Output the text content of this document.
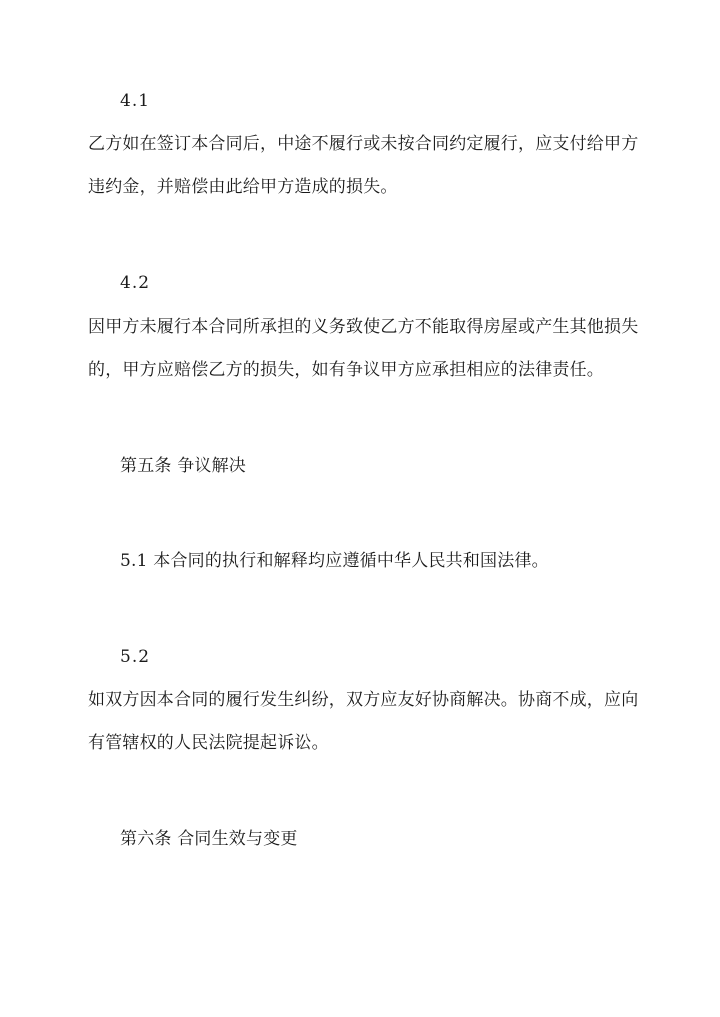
4.1
乙方如在签订本合同后，中途不履行或未按合同约定履行，应支付给甲方
违约金，并赔偿由此给甲方造成的损失。
4.2
因甲方未履行本合同所承担的义务致使乙方不能取得房屋或产生其他损失
的，甲方应赔偿乙方的损失，如有争议甲方应承担相应的法律责任。
第五条 争议解决
5.1 本合同的执行和解释均应遵循中华人民共和国法律。
5.2
如双方因本合同的履行发生纠纷，双方应友好协商解决。协商不成，应向
有管辖权的人民法院提起诉讼。
第六条 合同生效与变更
